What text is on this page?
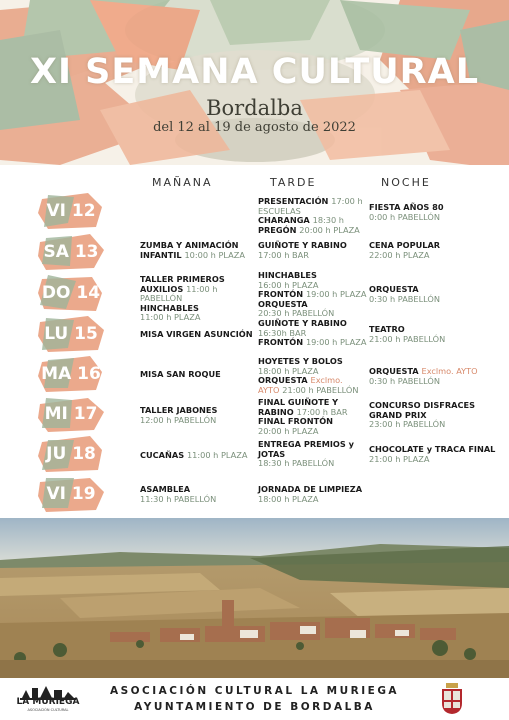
XI SEMANA CULTURAL
Bordalba
del 12 al 19 de agosto de 2022
MAÑANA	TARDE	NOCHE
VI 12
SA 13
DO 14
LU 15
MA 16
MI 17
JU 18
VI 19
PRESENTACIÓN 17:00 h
ESCUELAS
CHARANGA 18:30 h
PREGÓN 20:00 h PLAZA
FIESTA AÑOS 80
0:00 h PABELLÓN
ZUMBA Y ANIMACIÓN
INFANTIL 10:00 h PLAZA
GUIÑOTE Y RABINO
17:00 h BAR
CENA POPULAR
22:00 h PLAZA
TALLER PRIMEROS
AUXILIOS 11:00 h
PABELLÓN
HINCHABLES
11:00 h PLAZA
HINCHABLES
16:00 h PLAZA
FRONTÓN 19:00 h PLAZA
ORQUESTA
20:30 h PABELLÓN
ORQUESTA
0:30 h PABELLÓN
MISA VIRGEN ASUNCIÓN
GUIÑOTE Y RABINO
16:30h BAR
FRONTÓN 19:00 h PLAZA
TEATRO
21:00 h PABELLÓN
MISA SAN ROQUE
HOYETES Y BOLOS
18:00 h PLAZA
ORQUESTA Exclmo.
AYTO 21:00 h PABELLÓN
ORQUESTA Exclmo. AYTO
0:30 h PABELLÓN
TALLER JABONES
12:00 h PABELLÓN
FINAL GUIÑOTE Y
RABINO 17:00 h BAR
FINAL FRONTÓN
20:00 h PLAZA
CONCURSO DISFRACES
GRAND PRIX
23:00 h PABELLÓN
CUCAÑAS 11:00 h PLAZA
ENTREGA PREMIOS y
JOTAS
18:30 h PABELLÓN
CHOCOLATE y TRACA FINAL
21:00 h PLAZA
ASAMBLEA
11:30 h PABELLÓN
JORNADA DE LIMPIEZA
18:00 h PLAZA
LA MURIEGA
ASOCIACIÓN CULTURAL
ASOCIACIÓN CULTURAL LA MURIEGA
AYUNTAMIENTO DE BORDALBA
